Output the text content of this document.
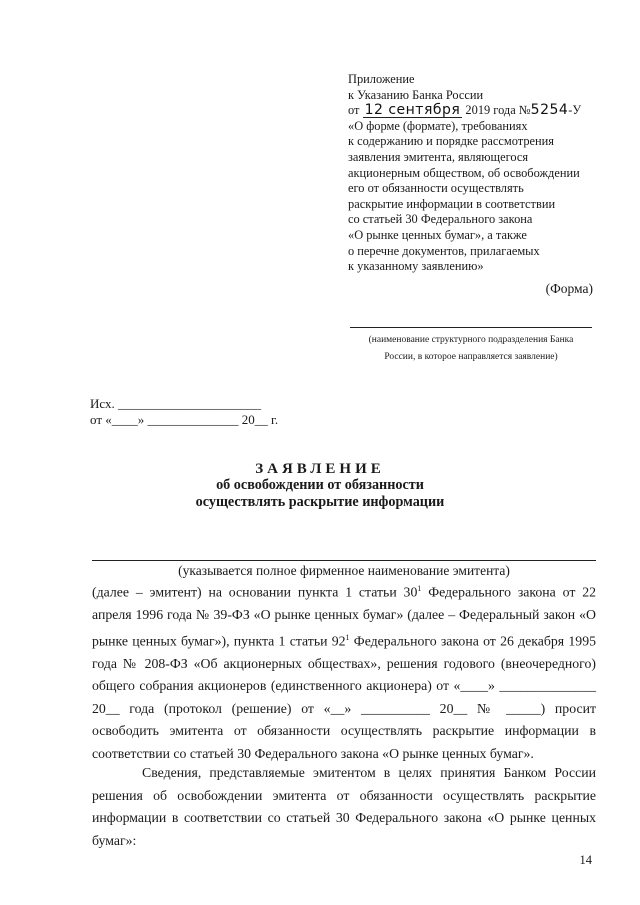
Приложение
к Указанию Банка России
от 12 сентября 2019 года №5254-У
«О форме (формате), требованиях
к содержанию и порядке рассмотрения
заявления эмитента, являющегося
акционерным обществом, об освобождении
его от обязанности осуществлять
раскрытие информации в соответствии
со статьей 30 Федерального закона
«О рынке ценных бумаг», а также
о перечне документов, прилагаемых
к указанному заявлению»
(Форма)
(наименование структурного подразделения Банка
России, в которое направляется заявление)
Исх. ______________________
от «____» ______________ 20__ г.
ЗАЯВЛЕНИЕ
об освобождении от обязанности
осуществлять раскрытие информации
(указывается полное фирменное наименование эмитента)

(далее – эмитент) на основании пункта 1 статьи $30^1$ Федерального закона от 22 апреля 1996 года № 39-ФЗ «О рынке ценных бумаг» (далее – Федеральный закон «О рынке ценных бумаг»), пункта 1 статьи $92^1$ Федерального закона от 26 декабря 1995 года № 208-ФЗ «Об акционерных обществах», решения годового (внеочередного) общего собрания акционеров (единственного акционера) от «____» ______________ 20__ года (протокол (решение) от «__» __________ 20__ № _____) просит освободить эмитента от обязанности осуществлять раскрытие информации в соответствии со статьей 30 Федерального закона «О рынке ценных бумаг».

Сведения, представляемые эмитентом в целях принятия Банком России решения об освобождении эмитента от обязанности осуществлять раскрытие информации в соответствии со статьей 30 Федерального закона «О рынке ценных бумаг»:

14
